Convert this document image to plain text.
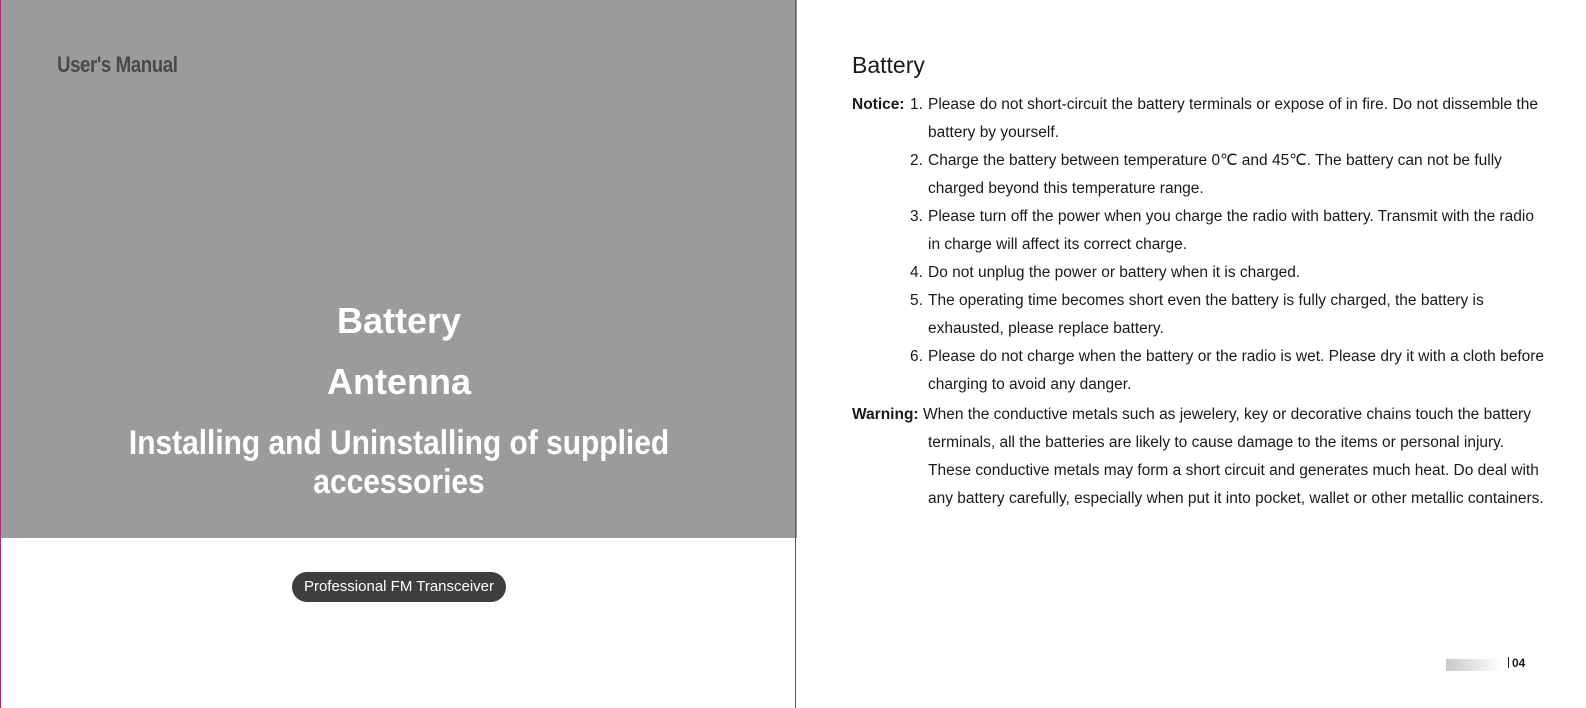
User's Manual
Battery
Antenna
Installing and Uninstalling of supplied accessories
Professional FM Transceiver
Battery
Notice: 1. Please do not short-circuit the battery terminals or expose of in fire. Do not dissemble the battery by yourself.
2. Charge the battery between temperature 0℃ and 45℃. The battery can not be fully charged beyond this temperature range.
3. Please turn off the power when you charge the radio with battery. Transmit with the radio in charge will affect its correct charge.
4. Do not unplug the power or battery when it is charged.
5. The operating time becomes short even the battery is fully charged, the battery is exhausted, please replace battery.
6. Please do not charge when the battery or the radio is wet. Please dry it with a cloth before charging to avoid any danger.
Warning: When the conductive metals such as jewelery, key or decorative chains touch the battery terminals, all the batteries are likely to cause damage to the items or personal injury. These conductive metals may form a short circuit and generates much heat. Do deal with any battery carefully, especially when put it into pocket, wallet or other metallic containers.
04
